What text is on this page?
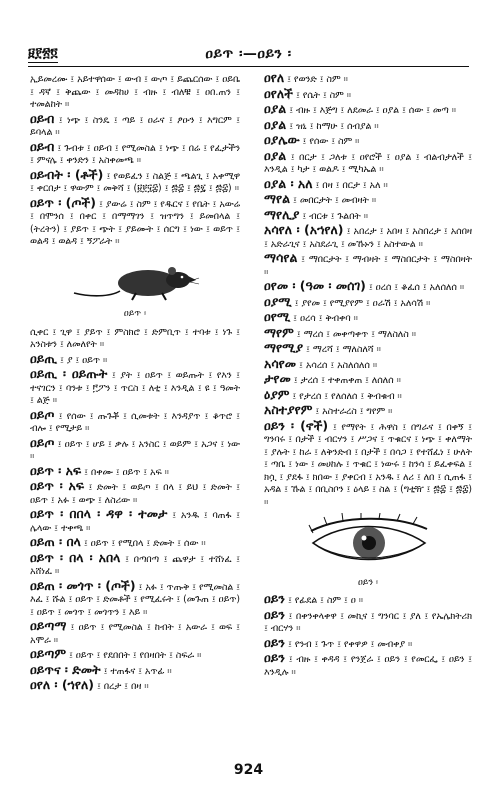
፱፻፳፬	ዐይጥ ፡—ዐይን ፡

ኢይመረሙ ፤ አይተዋሰው ፤ ውብ ፤ ውጦ ፤ ይጨርሰው ፤ ዐይቤ ፤ ዳኛ ፤ ቅጨው ፤ መዳከሀ ፤ ብዙ ፤ ብለቹ ፤ ዐበ.ጠን ፤ ተመልከት ።

ዐይብ ፤ ነጭ ፤ ስንዴ ፤ ጣይ ፤ ዐራና ፤ ፆዑን ፤ እግርም ፤ ይባላል ።

ዐይብ ፤ ጉብቱ ፤ ዐይብ ፤ የሚመስል ፤ ነጭ ፤ በሬ ፤ የፈታችን ፤ ምናሌ ፤ ቀንድን ፤ አስቀመጫ ።

ዐይብት ፡ (ቶች) ፤ የወይፈን ፤ ስልጅ ፤ ጫልጊ ፤ አቀሚዋ ፤ ቀርበታ ፤ ዋውም ፤ መቅሻ ፤ (፱፻፶፰) ፤ ፷፰ ፤ ፷፯ ፤ ፷፰) ።

ዐይጥ ፡ (ጦች) ፤ ያውሬ ፤ ስም ፤ የዱርና ፤ የቤት ፤ አውሬ ፤ በሞንሰ ፤ በቀር ፤ በማማገን ፤ ዝጥግን ፤ ይመበላል ፤ (ትረትን) ፤ ያይጥ ፤ ጭት ፤ ያይሙት ፤ ሰርግ ፤ ነው ፤ ወይጥ ፤ ወልዳ ፤ ወልዳ ፤ ኝፖራት ።

ዐይጥ ፡

ሲቀር ፤ ጊዋ ፤ ያይጥ ፤ ምስክሮ ፤ ድምቢጥ ፤ ተባቱ ፤ ነጉ ፤ አንስቱን ፤ ለመለየት ።

ዐይጢ ፤ ያ ፤ ዐይጥ ።

ዐይጢ ፡ ዐይጡት ፤ ያት ፤ ዐይጥ ፤ ወይጡት ፤ የእን ፤ ተናገርን ፤ ባንቱ ፤ ፫ፖን ፤ ጥርስ ፤ ለቲ ፤ እንዲል ፤ ዩ ፤ ዓመት ፤ ልጅ ።

ዐይጦ ፤ የሰው ፤ ጡጉቾ ፤ ሲመቱት ፤ እንዳያጥ ፤ ቆጥሮ ፤ ብሎ ፤ የሚታይ ።

ዐይጦ ፤ ዐይጥ ፤ ሆይ ፤ ቃሉ ፤ አንስር ፤ ወይም ፤ አጋና ፤ ነው ።

ዐይጥ ፡ አፍ ፤ በቀሙ ፤ ዐይጥ ፤ አፍ ።

ዐይጥ ፡ አፍ ፤ ድመት ፤ ወይጦ ፤ በላ ፤ ይህ ፤ ድመት ፤ ዐይጥ ፤ አፉ ፤ ወጭ ፤ ለስሪው ።

ዐይጥ ፡ በበላ ፡ ዳዋ ፡ ተመታ ፤ አንዱ ፤ ባጠፋ ፤ ሌላው ፤ ተቀጫ ።

ዐይጠ ፡ በላ ፤ ዐይጥ ፤ የሚበላ ፤ ድመት ፤ ሰው ።

ዐይጥ ፡ በላ ፡ አበላ ፤ በጣበጣ ፤ ጨዋታ ፤ ተሸነፈ ፤ አሸነፈ ።

ዐይጠ ፡ መጎጥ ፡ (ጦች) ፤ አፉ ፤ ጥጡቅ ፤ የሚመስል ፤ እፈ ፤ ሹል ፤ ዐይጥ ፤ ድመቶች ፤ የሚፈሩት ፤ (መጉጠ ፤ ዐይጥ) ፤ ዐይጥ ፤ መጎጥ ፤ መጎጥን ፤ እይ ።

ዐይጣማ ፤ ዐይጥ ፤ የሚመስል ፤ ከብት ፤ አውራ ፤ ወፍ ፤ አሞራ ።

ዐይጣም ፤ ዐይጥ ፤ የደበበት ፤ የበዛበት ፤ ስፍራ ።

ዐይጥና ፡ ድመት ፤ ተጠፋና ፤ አጥፊ ።

ዐየለ ፡ (ኀየለ) ፤ በረታ ፤ በዛ ።

ዐየለ ፤ የወንድ ፤ ስም ።

ዐየለች ፤ የሴት ፤ ስም ።

ዐያል ፤ ብዙ ፤ እጅግ ፤ ለደመራ ፤ ዐያል ፤ ሰው ፤ መጣ ።

ዐያል ፤ ዝኒ ፤ ከማሁ ፤ ሰብያል ።

ዐያሌው ፤ የሰው ፤ ስም ።

ዐያል ፤ በርታ ፤ ጋለቱ ፤ ዐየሮች ፤ ዐያል ፤ ብልብታለች ፤ እንዲል ፤ ካታ ፤ ወልዶ ፤ ሚካኤል ።

ዐያል ፡ አለ ፤ በዛ ፤ በርታ ፤ አለ ።

ማየል ፤ መበርታት ፤ መብዛት ።

ማየሊያ ፤ ብርቱ ፤ ጉልበት ።

አሳየለ ፡ (አኀየለ) ፤ አበረታ ፤ አበዛ ፤ አስበረታ ፤ አሰበዛ ፤ አድራጊና ፤ አስደራጊ ፤ መኹኑን ፤ አስተውል ።

ማሳየል ፤ ማበርታት ፤ ማብዛት ፤ ማስበርታት ፤ ማስበዛት ።

ዐየመ ፡ (ዓመ ፡ መሰገ) ፤ ዐረሰ ፤ ቆፈሰ ፤ አለሰለሰ ።

ዐያሚ ፤ ያየመ ፤ የሚያየም ፤ ዐራሽ ፤ አለሳሽ ።

ዐየሚ ፤ ዐረሳ ፤ ቅብቀባ ።

ማየም ፤ ማረሰ ፤ መቀጣቀጥ ፤ ማለስለስ ።

ማየሚያ ፤ ማረሻ ፤ ማለስለሻ ።

አሳየመ ፤ አሳረሰ ፤ አስለሰለሰ ።

ታየመ ፤ ታረሰ ፤ ተቀጠቀጠ ፤ ለሰለሰ ።

ዕያም ፤ የታረሰ ፤ የለሰለሰ ፤ ቅብቁብ ።

አስተያየም ፤ አስተራረስ ፤ ግየም ።

ዐይን ፡ (ኖች) ፤ የማየት ፤ ሕዋስ ፤ በግራና ፤ በቀኝ ፤ ግንባሩ ፤ በታች ፤ ብርሃን ፤ ሥጋና ፤ ጥቁርና ፤ ነጭ ፤ ቀለማት ፤ ያሉት ፤ ከራ ፤ ለቅንድብ ፤ በታች ፤ በሳጋ ፤ የተሸፈነ ፤ ሁለት ፤ ጣቤ ፤ ነው ፤ መሀከሉ ፤ ጥቁር ፤ ነውሩ ፤ ከንሳ ፤ ይፈቀፍል ፤ ክሷ ፤ ያደፋ ፤ ክበው ፤ ያቀርብ ፤ አንዱ ፤ ለሪ ፤ ለበ ፤ ሲጠፋ ፤ አዳል ፤ ኹል ፤ በቢስቦን ፤ ዕላይ ፤ ስል ፤ (ግቲዥ ፤ ፷፰ ፤ ፷፰) ።

ዐይን ፡

ዐይን ፤ የፊደል ፤ ስም ፤ ዐ ።

ዐይን ፤ በቀንቀላቀዋ ፤ መኪና ፤ ግንባር ፤ ያለ ፤ የኤሌክትሪክ ፤ ብርሃን ።

ዐይን ፤ የንብ ፤ ጉጥ ፤ የቀዋዎ ፤ መብቀያ ።

ዐይን ፤ ብዙ ፤ ቀዳዳ ፤ የንጀራ ፤ ዐይን ፤ የመርፌ ፤ ዐይን ፤ እንዲሉ ።

924
